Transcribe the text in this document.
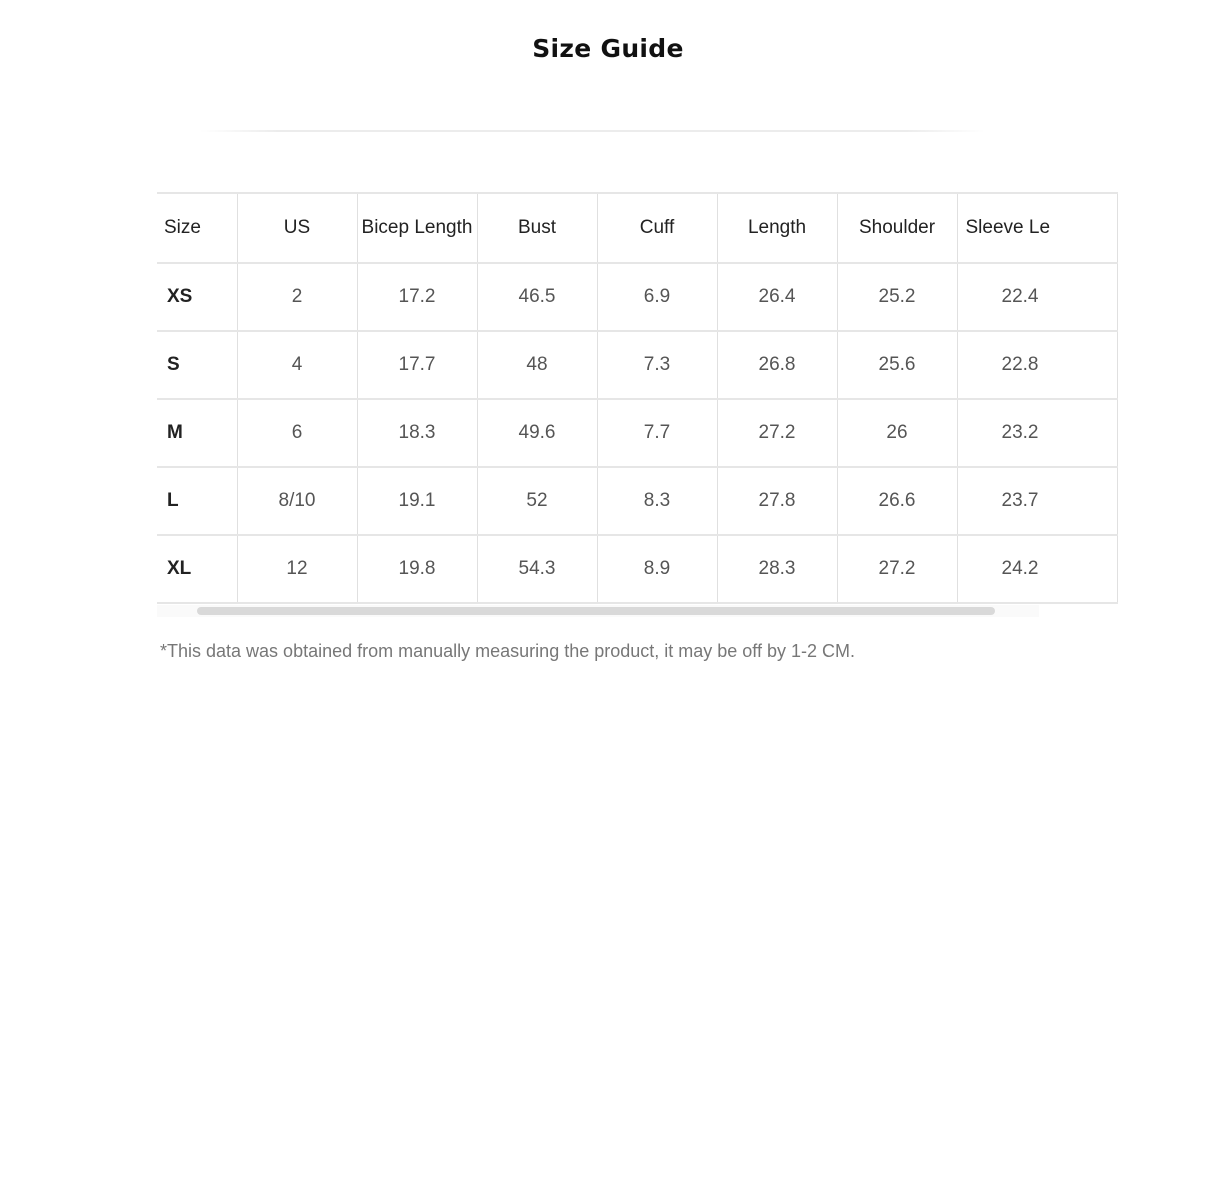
Size Guide
Size	US	Bicep Length	Bust	Cuff	Length	Shoulder	Sleeve Le
XS	2	17.2	46.5	6.9	26.4	25.2	22.4
S	4	17.7	48	7.3	26.8	25.6	22.8
M	6	18.3	49.6	7.7	27.2	26	23.2
L	8/10	19.1	52	8.3	27.8	26.6	23.7
XL	12	19.8	54.3	8.9	28.3	27.2	24.2
*This data was obtained from manually measuring the product, it may be off by 1-2 CM.
